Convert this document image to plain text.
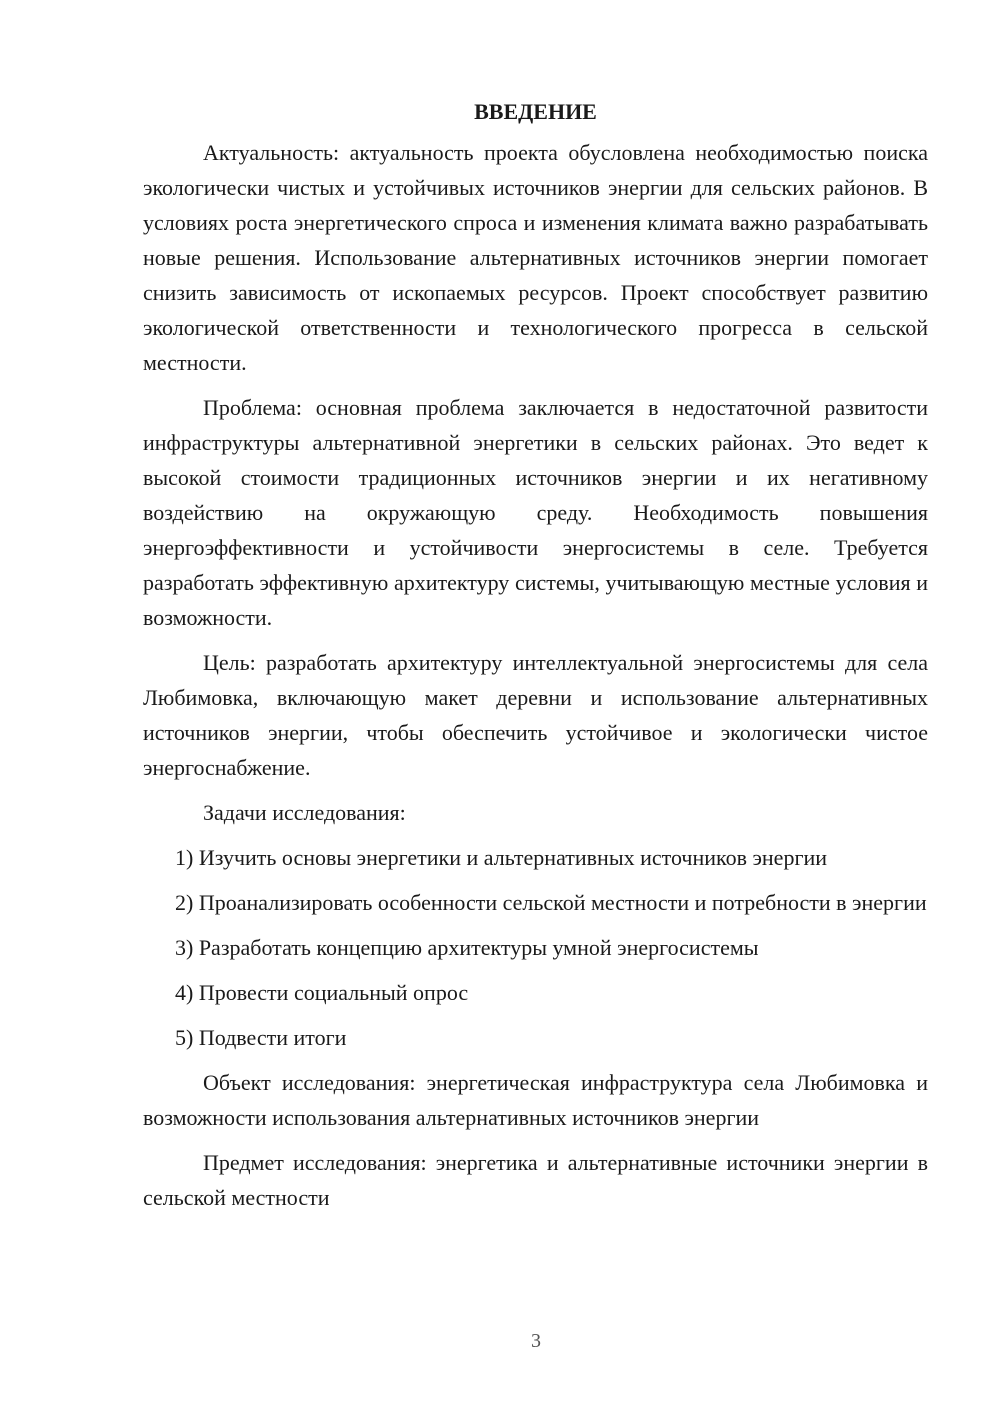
ВВЕДЕНИЕ

Актуальность: актуальность проекта обусловлена необходимостью поиска экологически чистых и устойчивых источников энергии для сельских районов. В условиях роста энергетического спроса и изменения климата важно разрабатывать новые решения. Использование альтернативных источников энергии помогает снизить зависимость от ископаемых ресурсов. Проект способствует развитию экологической ответственности и технологического прогресса в сельской местности.

Проблема: основная проблема заключается в недостаточной развитости инфраструктуры альтернативной энергетики в сельских районах. Это ведет к высокой стоимости традиционных источников энергии и их негативному воздействию на окружающую среду. Необходимость повышения энергоэффективности и устойчивости энергосистемы в селе. Требуется разработать эффективную архитектуру системы, учитывающую местные условия и возможности.

Цель: разработать архитектуру интеллектуальной энергосистемы для села Любимовка, включающую макет деревни и использование альтернативных источников энергии, чтобы обеспечить устойчивое и экологически чистое энергоснабжение.

Задачи исследования:

1) Изучить основы энергетики и альтернативных источников энергии

2) Проанализировать особенности сельской местности и потребности в энергии

3) Разработать концепцию архитектуры умной энергосистемы

4) Провести социальный опрос

5) Подвести итоги

Объект исследования: энергетическая инфраструктура села Любимовка и возможности использования альтернативных источников энергии

Предмет исследования: энергетика и альтернативные источники энергии в сельской местности

3
